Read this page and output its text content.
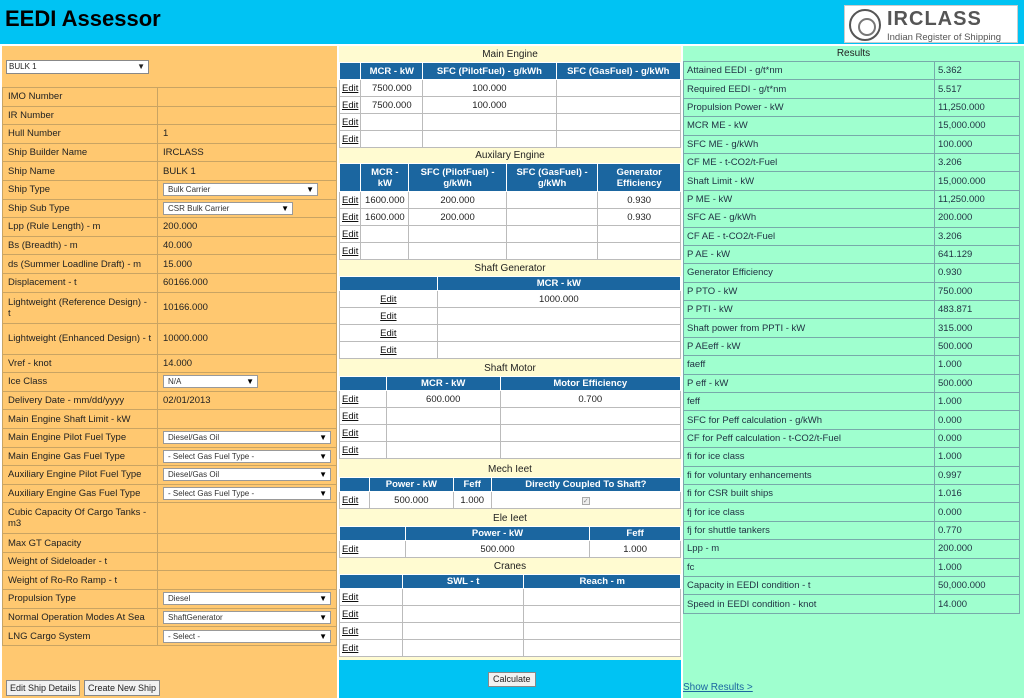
EEDI Assessor	IRCLASS
Indian Register of Shipping
BULK 1	▼
IMO Number	
IR Number	
Hull Number	1
Ship Builder Name	IRCLASS
Ship Name	BULK 1
Ship Type	Bulk Carrier ▼

Ship Sub Type	CSR Bulk Carrier ▼

Lpp (Rule Length) - m	200.000
Bs (Breadth) - m	40.000
ds (Summer Loadline Draft) - m	15.000
Displacement - t	60166.000
Lightweight (Reference Design) - t	10166.000
Lightweight (Enhanced Design) - t	10000.000
Vref - knot	14.000
Ice Class	N/A ▼

Delivery Date - mm/dd/yyyy	02/01/2013
Main Engine Shaft Limit - kW	
Main Engine Pilot Fuel Type	Diesel/Gas Oil ▼

Main Engine Gas Fuel Type	- Select Gas Fuel Type - ▼

Auxiliary Engine Pilot Fuel Type	Diesel/Gas Oil ▼

Auxiliary Engine Gas Fuel Type	- Select Gas Fuel Type - ▼

Cubic Capacity Of Cargo Tanks - m3	
Max GT Capacity	
Weight of Sideloader - t	
Weight of Ro-Ro Ramp - t	
Propulsion Type	Diesel ▼

Normal Operation Modes At Sea	ShaftGenerator ▼

LNG Cargo System	- Select - ▼
Edit Ship Details	Create New Ship
Main Engine
	MCR - kW	SFC (PilotFuel) - g/kWh	SFC (GasFuel) - g/kWh
Edit	7500.000	100.000	
Edit	7500.000	100.000	
Edit			
Edit			
Auxilary Engine
	MCR - kW	SFC (PilotFuel) - g/kWh	SFC (GasFuel) - g/kWh	Generator Efficiency
Edit	1600.000	200.000		0.930
Edit	1600.000	200.000		0.930
Edit				
Edit				
Shaft Generator
	MCR - kW
Edit	1000.000
Edit	
Edit	
Edit	
Shaft Motor
	MCR - kW	Motor Efficiency
Edit	600.000	0.700
Edit		
Edit		
Edit		
Mech Ieet
	Power - kW	Feff	Directly Coupled To Shaft?
Edit	500.000	1.000	✓
Ele Ieet
	Power - kW	Feff
Edit	500.000	1.000
Cranes
	SWL - t	Reach - m
Edit		
Edit		
Edit		
Edit		
Calculate
Results
Attained EEDI - g/t*nm	5.362
Required EEDI - g/t*nm	5.517
Propulsion Power - kW	11,250.000
MCR ME - kW	15,000.000
SFC ME - g/kWh	100.000
CF ME - t-CO2/t-Fuel	3.206
Shaft Limit - kW	15,000.000
P ME - kW	11,250.000
SFC AE - g/kWh	200.000
CF AE - t-CO2/t-Fuel	3.206
P AE - kW	641.129
Generator Efficiency	0.930
P PTO - kW	750.000
P PTI - kW	483.871
Shaft power from PPTI - kW	315.000
P AEeff - kW	500.000
faeff	1.000
P eff - kW	500.000
feff	1.000
SFC for Peff calculation - g/kWh	0.000
CF for Peff calculation - t-CO2/t-Fuel	0.000
fi for ice class	1.000
fi for voluntary enhancements	0.997
fi for CSR built ships	1.016
fj for ice class	0.000
fj for shuttle tankers	0.770
Lpp - m	200.000
fc	1.000
Capacity in EEDI condition - t	50,000.000
Speed in EEDI condition - knot	14.000
Show Results >
